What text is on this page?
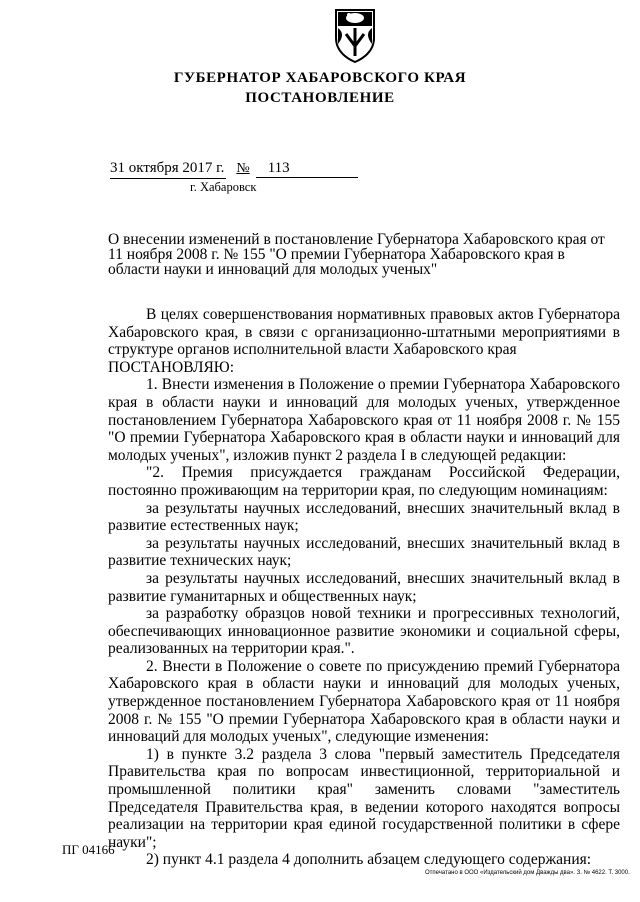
ГУБЕРНАТОР ХАБАРОВСКОГО КРАЯ
ПОСТАНОВЛЕНИЕ
31 октября 2017 г. № 113
г. Хабаровск
О внесении изменений в постановление Губернатора Хабаровского края от 11 ноября 2008 г. № 155 "О премии Губернатора Хабаровского края в области науки и инноваций для молодых ученых"

В целях совершенствования нормативных правовых актов Губернатора Хабаровского края, в связи с организационно-штатными мероприятиями в структуре органов исполнительной власти Хабаровского края

ПОСТАНОВЛЯЮ:

1. Внести изменения в Положение о премии Губернатора Хабаровского края в области науки и инноваций для молодых ученых, утвержденное постановлением Губернатора Хабаровского края от 11 ноября 2008 г. № 155 "О премии Губернатора Хабаровского края в области науки и инноваций для молодых ученых", изложив пункт 2 раздела I в следующей редакции:

"2. Премия присуждается гражданам Российской Федерации, постоянно проживающим на территории края, по следующим номинациям:

за результаты научных исследований, внесших значительный вклад в развитие естественных наук;

за результаты научных исследований, внесших значительный вклад в развитие технических наук;

за результаты научных исследований, внесших значительный вклад в развитие гуманитарных и общественных наук;

за разработку образцов новой техники и прогрессивных технологий, обеспечивающих инновационное развитие экономики и социальной сферы, реализованных на территории края.".

2. Внести в Положение о совете по присуждению премий Губернатора Хабаровского края в области науки и инноваций для молодых ученых, утвержденное постановлением Губернатора Хабаровского края от 11 ноября 2008 г. № 155 "О премии Губернатора Хабаровского края в области науки и инноваций для молодых ученых", следующие изменения:

1) в пункте 3.2 раздела 3 слова "первый заместитель Председателя Правительства края по вопросам инвестиционной, территориальной и промышленной политики края" заменить словами "заместитель Председателя Правительства края, в ведении которого находятся вопросы реализации на территории края единой государственной политики в сфере науки";

2) пункт 4.1 раздела 4 дополнить абзацем следующего содержания:

ПГ 04166
Отпечатано в ООО «Издательский дом Дважды два». З. № 4622. Т. 3000.
